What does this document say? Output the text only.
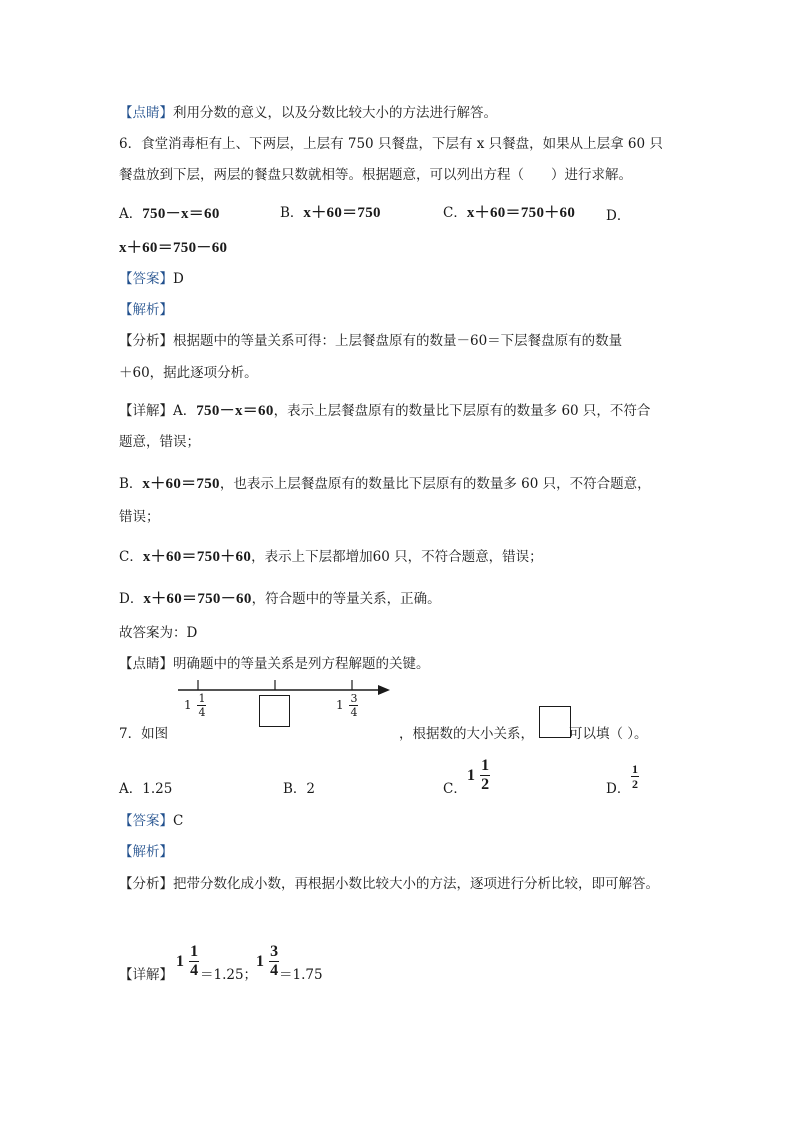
【点睛】利用分数的意义，以及分数比较大小的方法进行解答。
6．食堂消毒柜有上、下两层，上层有 750 只餐盘，下层有 x 只餐盘，如果从上层拿 60 只
餐盘放到下层，两层的餐盘只数就相等。根据题意，可以列出方程（　　）进行求解。
A．750－x＝60	B．x＋60＝750	C．x＋60＝750＋60 D．
x＋60＝750－60
【答案】D
【解析】
【分析】根据题中的等量关系可得：上层餐盘原有的数量－60＝下层餐盘原有的数量
＋60，据此逐项分析。
【详解】A．750－x＝60，表示上层餐盘原有的数量比下层原有的数量多 60 只，不符合
题意，错误；
B．x＋60＝750，也表示上层餐盘原有的数量比下层原有的数量多 60 只，不符合题意，
错误；
C．x＋60＝750＋60，表示上下层都增加60 只，不符合题意，错误；
D．x＋60＝750－60，符合题中的等量关系，正确。
故答案为：D
【点睛】明确题中的等量关系是列方程解题的关键。
$1 \frac{1}{4}$	$1 \frac{3}{4}$
7．如图	，根据数的大小关系，	可以填（ ）。
A．1.25	B．2	C．
$1 \frac{1}{2}$	D． $\frac{1}{2}$
【答案】C
【解析】
【分析】把带分数化成小数，再根据小数比较大小的方法，逐项进行分析比较，即可解答。
【详解】
$1 \frac{1}{4} =1.25$；
$1 \frac{3}{4} =1.75$
